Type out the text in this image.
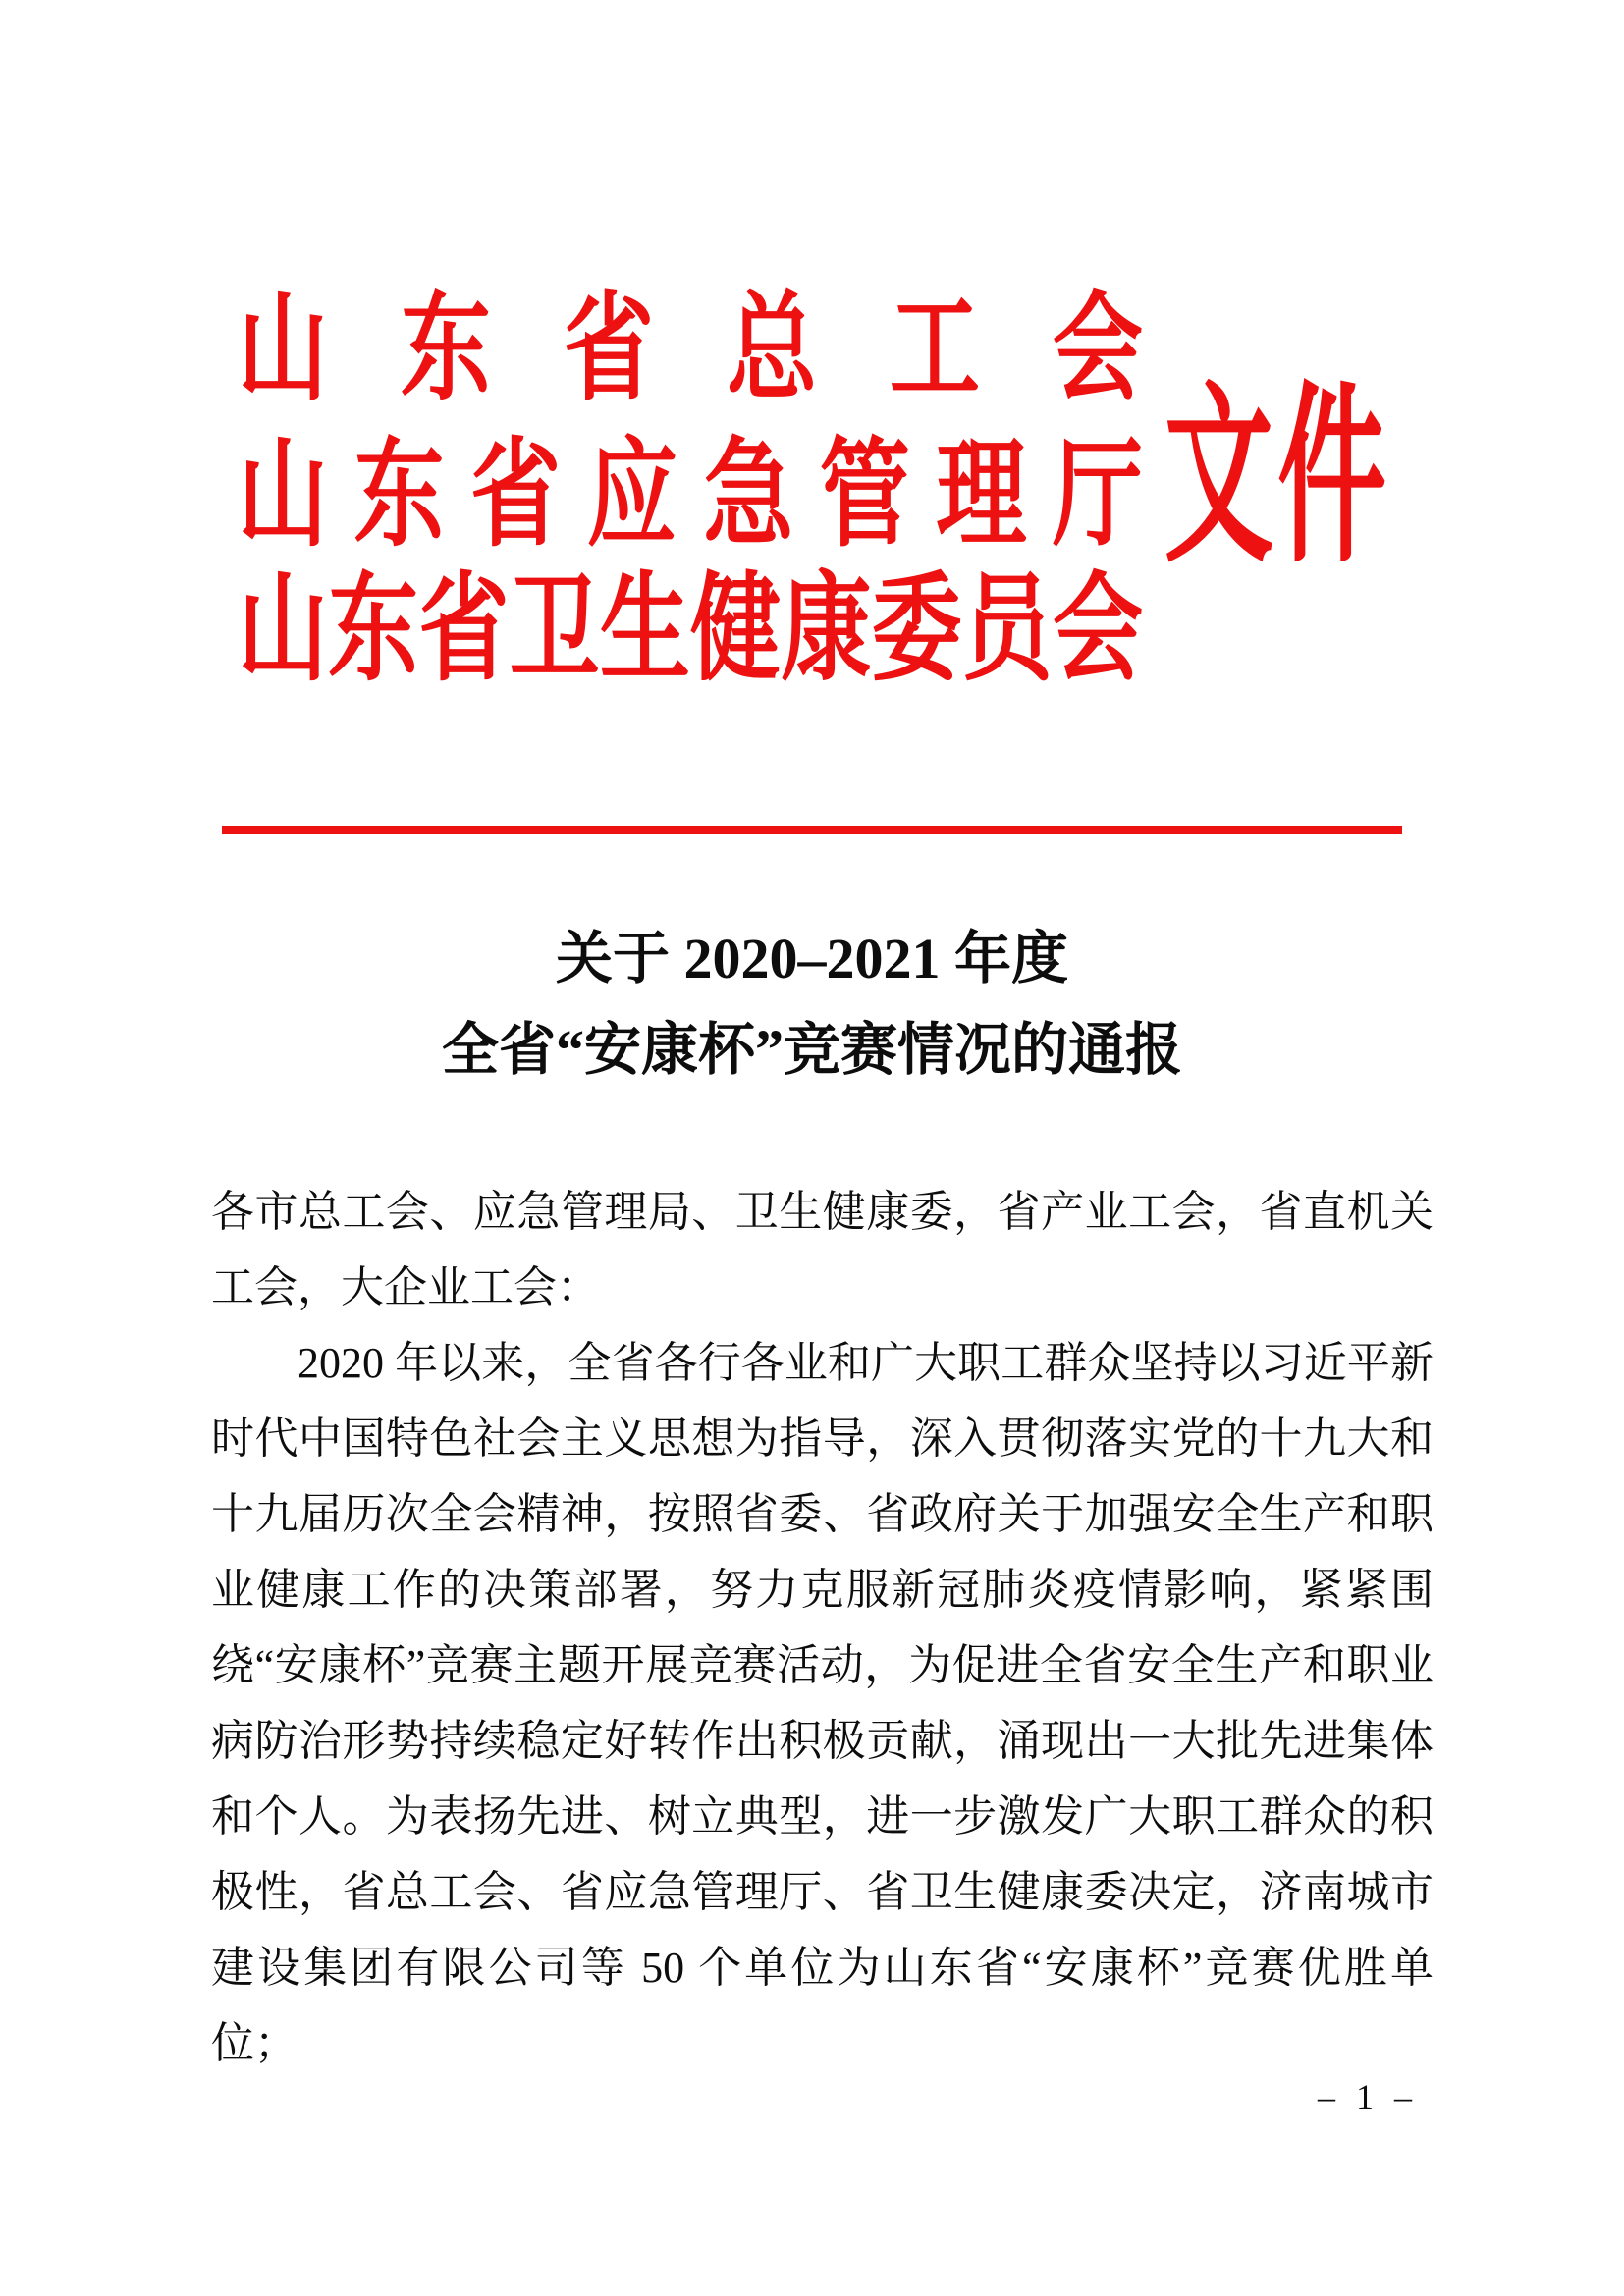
山 东 省 总 工 会
山 东 省 应 急 管 理 厅
山 东 省 卫 生 健 康 委 员 会
文件
关于 2020–2021 年度
全省“安康杯”竞赛情况的通报

各市总工会、应急管理局、卫生健康委，省产业工会，省直机关工会，大企业工会：

2020 年以来，全省各行各业和广大职工群众坚持以习近平新时代中国特色社会主义思想为指导，深入贯彻落实党的十九大和十九届历次全会精神，按照省委、省政府关于加强安全生产和职业健康工作的决策部署，努力克服新冠肺炎疫情影响，紧紧围绕“安康杯”竞赛主题开展竞赛活动，为促进全省安全生产和职业病防治形势持续稳定好转作出积极贡献，涌现出一大批先进集体和个人。为表扬先进、树立典型，进一步激发广大职工群众的积极性，省总工会、省应急管理厅、省卫生健康委决定，济南城市建设集团有限公司等 50 个单位为山东省“安康杯”竞赛优胜单位；

– 1 –
